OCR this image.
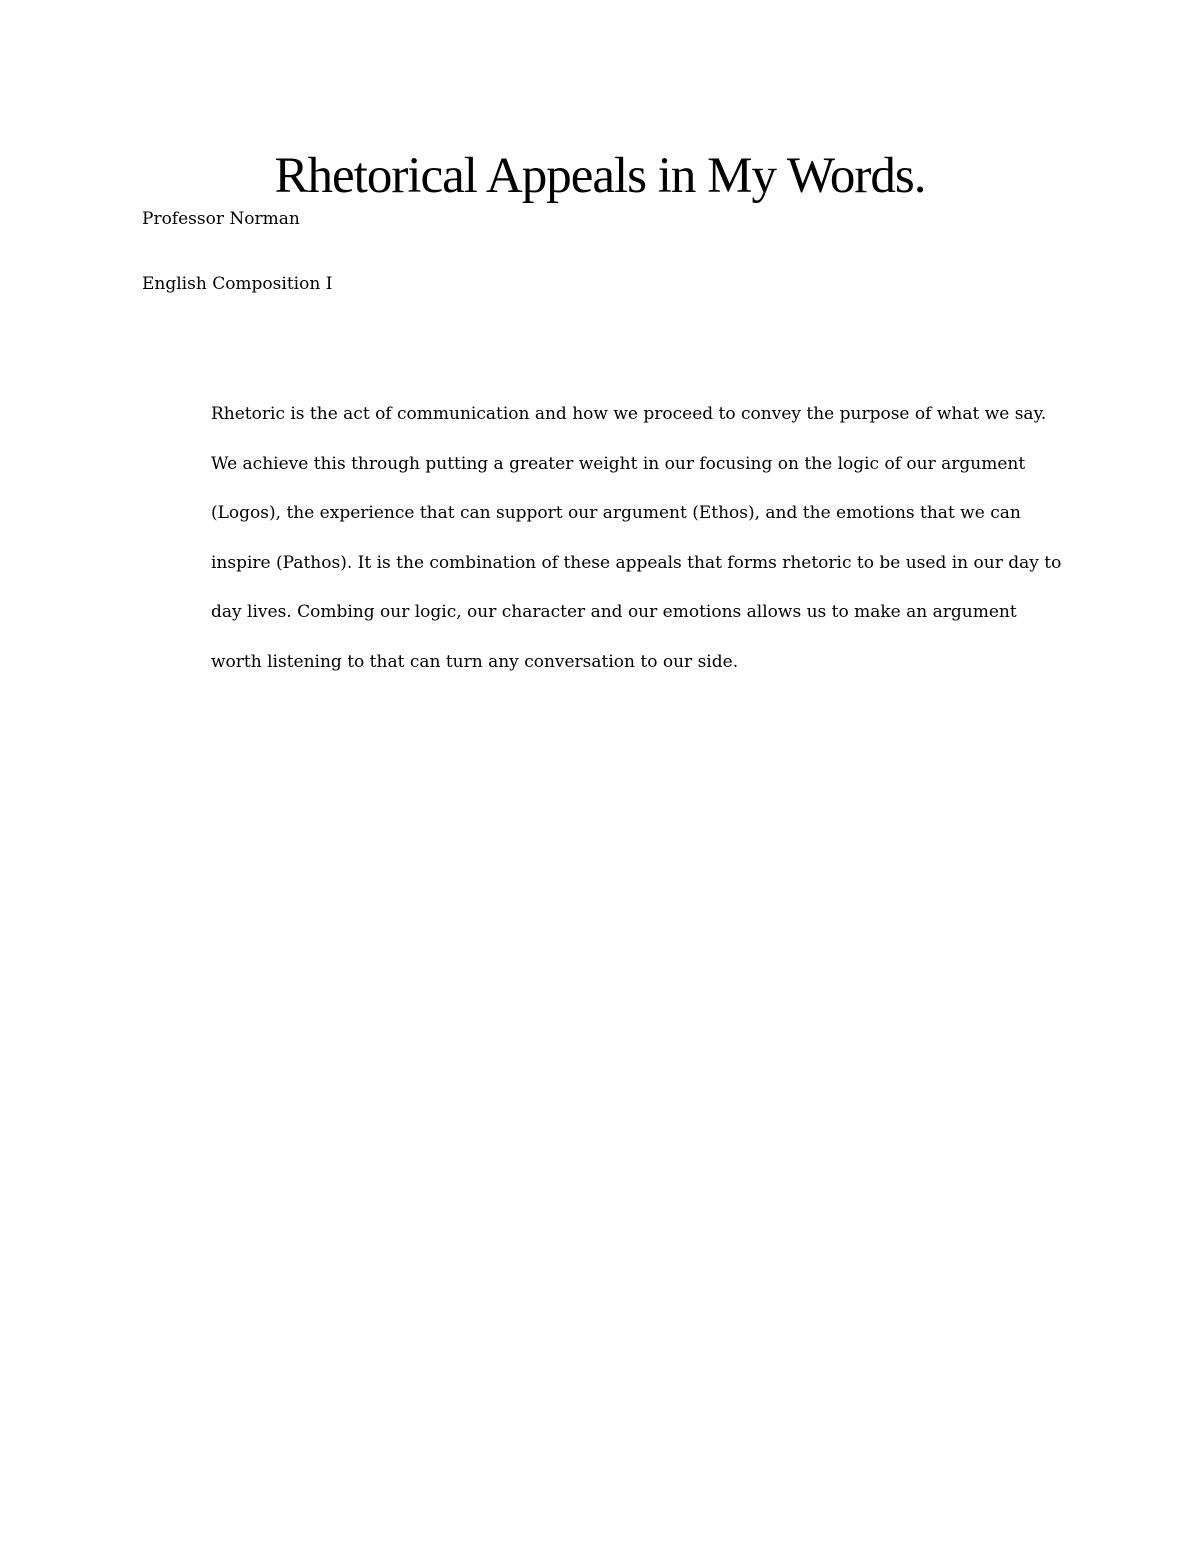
Rhetorical Appeals in My Words.
Professor Norman
English Composition I
Rhetoric is the act of communication and how we proceed to convey the purpose of what we say.
We achieve this through putting a greater weight in our focusing on the logic of our argument
(Logos), the experience that can support our argument (Ethos), and the emotions that we can
inspire (Pathos). It is the combination of these appeals that forms rhetoric to be used in our day to
day lives. Combing our logic, our character and our emotions allows us to make an argument
worth listening to that can turn any conversation to our side.
